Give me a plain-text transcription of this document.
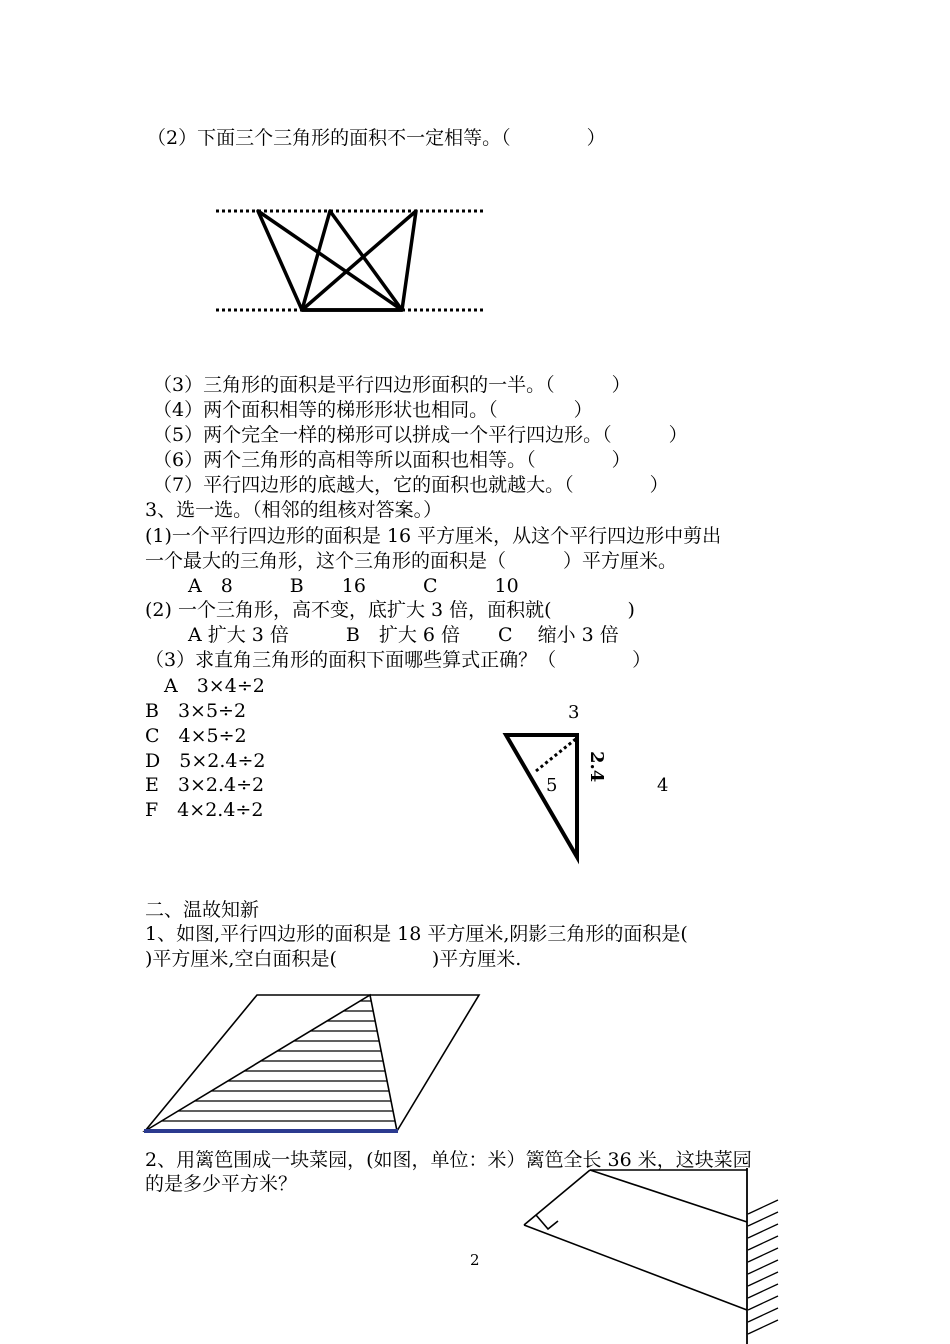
（2）下面三个三角形的面积不一定相等。（　　　　）
（3）三角形的面积是平行四边形面积的一半。（　　　）
（4）两个面积相等的梯形形状也相同。（　　　　）
（5）两个完全一样的梯形可以拼成一个平行四边形。（　　　）
（6）两个三角形的高相等所以面积也相等。（　　　　）
（7）平行四边形的底越大，它的面积也就越大。（　　　　）
3、选一选。（相邻的组核对答案。）
(1)一个平行四边形的面积是 16 平方厘米，从这个平行四边形中剪出
一个最大的三角形，这个三角形的面积是（　　　）平方厘米。
A　8　　　B　　16　　　C　　　10
(2) 一个三角形，高不变，底扩大 3 倍，面积就(　　　　)
A 扩大 3 倍　　　B　扩大 6 倍　　C　 缩小 3 倍
（3）求直角三角形的面积下面哪些算式正确？（　　　　）
　A　3×4÷2
B　3×5÷2
C　4×5÷2
D　5×2.4÷2
E　3×2.4÷2
F　4×2.4÷2
3
2.4
5	4
二、温故知新
1、如图,平行四边形的面积是 18 平方厘米,阴影三角形的面积是(
)平方厘米,空白面积是(　　　　　)平方厘米.
2、用篱笆围成一块菜园，(如图，单位：米）篱笆全长 36 米，这块菜园
的是多少平方米？
2
